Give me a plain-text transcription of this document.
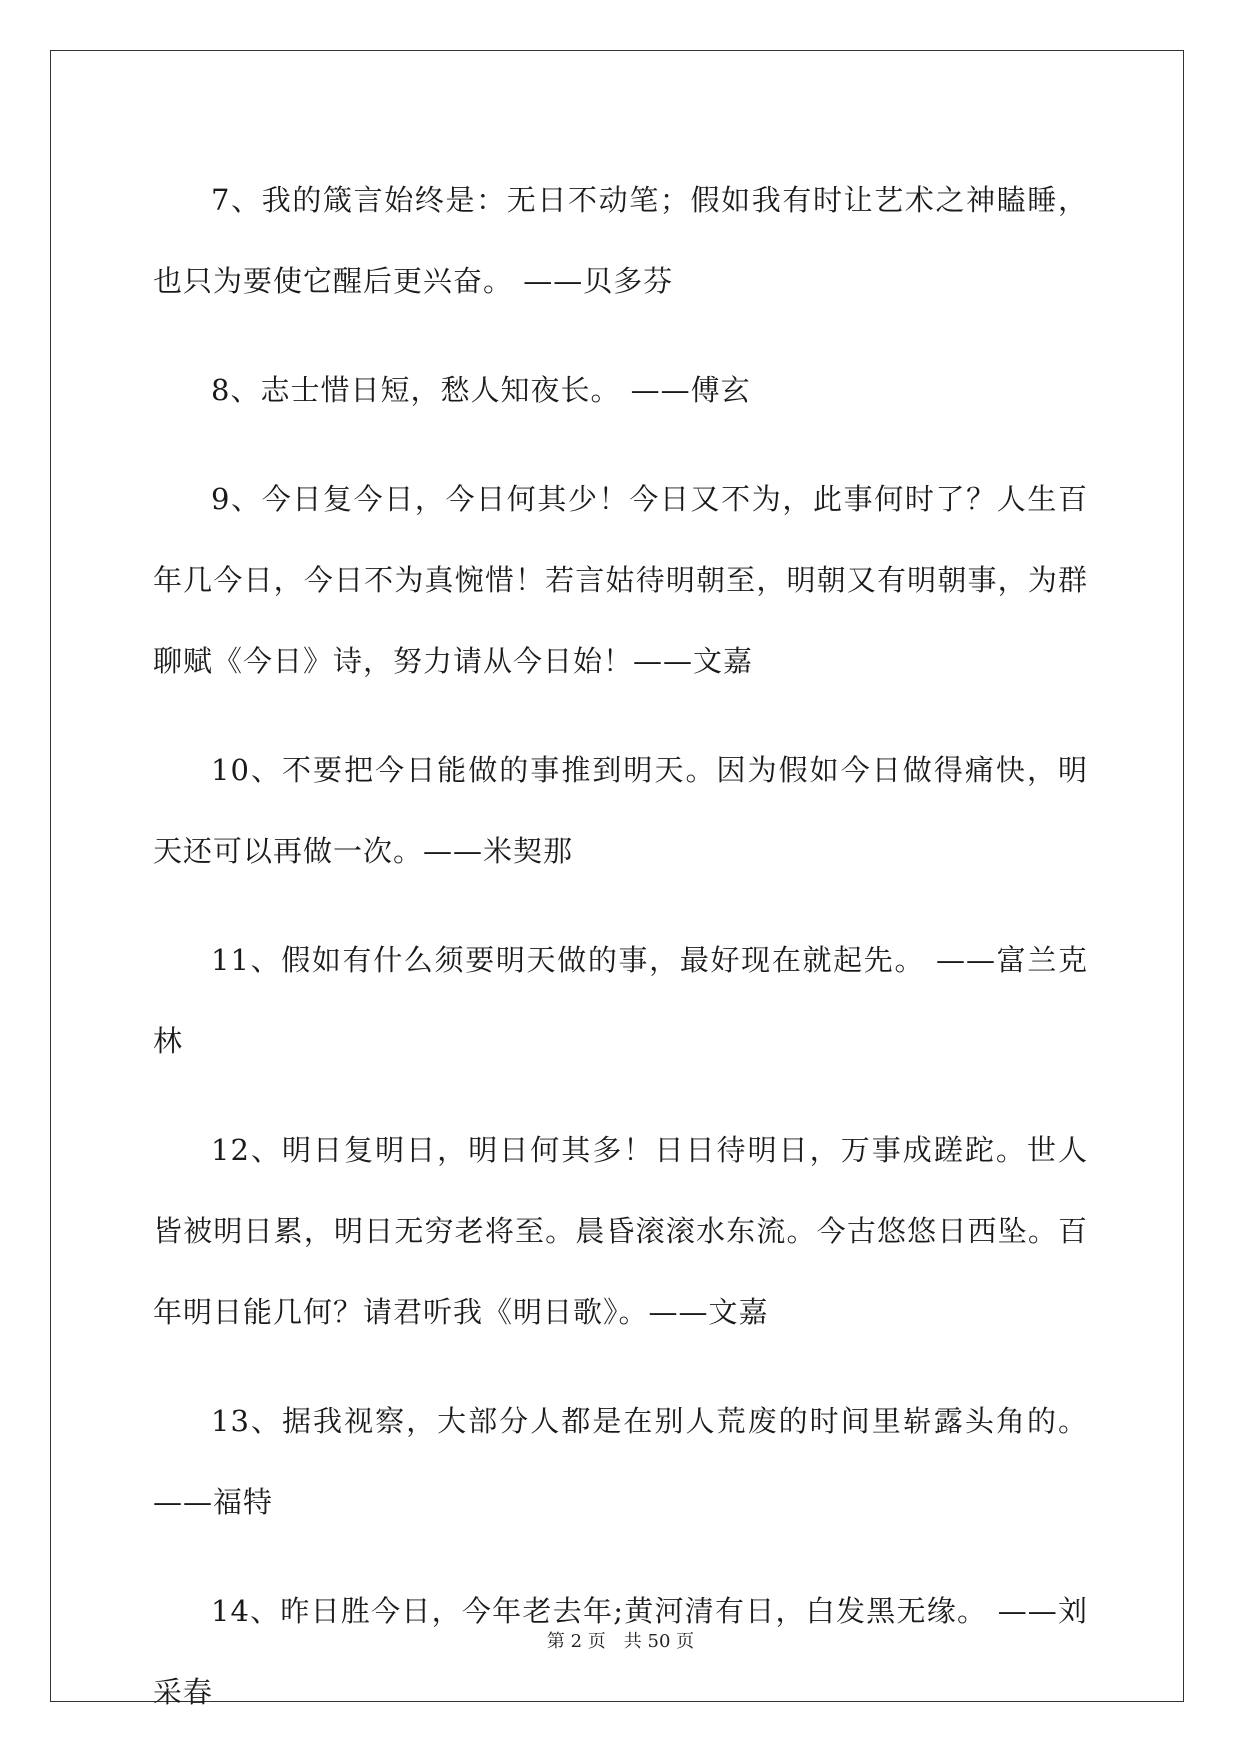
7、我的箴言始终是：无日不动笔；假如我有时让艺术之神瞌睡，也只为要使它醒后更兴奋。 ——贝多芬

8、志士惜日短，愁人知夜长。 ——傅玄

9、今日复今日，今日何其少！今日又不为，此事何时了？人生百年几今日，今日不为真惋惜！若言姑待明朝至，明朝又有明朝事，为群聊赋《今日》诗，努力请从今日始！——文嘉

10、不要把今日能做的事推到明天。因为假如今日做得痛快，明天还可以再做一次。——米契那

11、假如有什么须要明天做的事，最好现在就起先。 ——富兰克林

12、明日复明日，明日何其多！日日待明日，万事成蹉跎。世人皆被明日累，明日无穷老将至。晨昏滚滚水东流。今古悠悠日西坠。百年明日能几何？请君听我《明日歌》。——文嘉

13、据我视察，大部分人都是在别人荒废的时间里崭露头角的。——福特

14、昨日胜今日，今年老去年;黄河清有日，白发黑无缘。 ——刘采春

第 2 页　共 50 页
